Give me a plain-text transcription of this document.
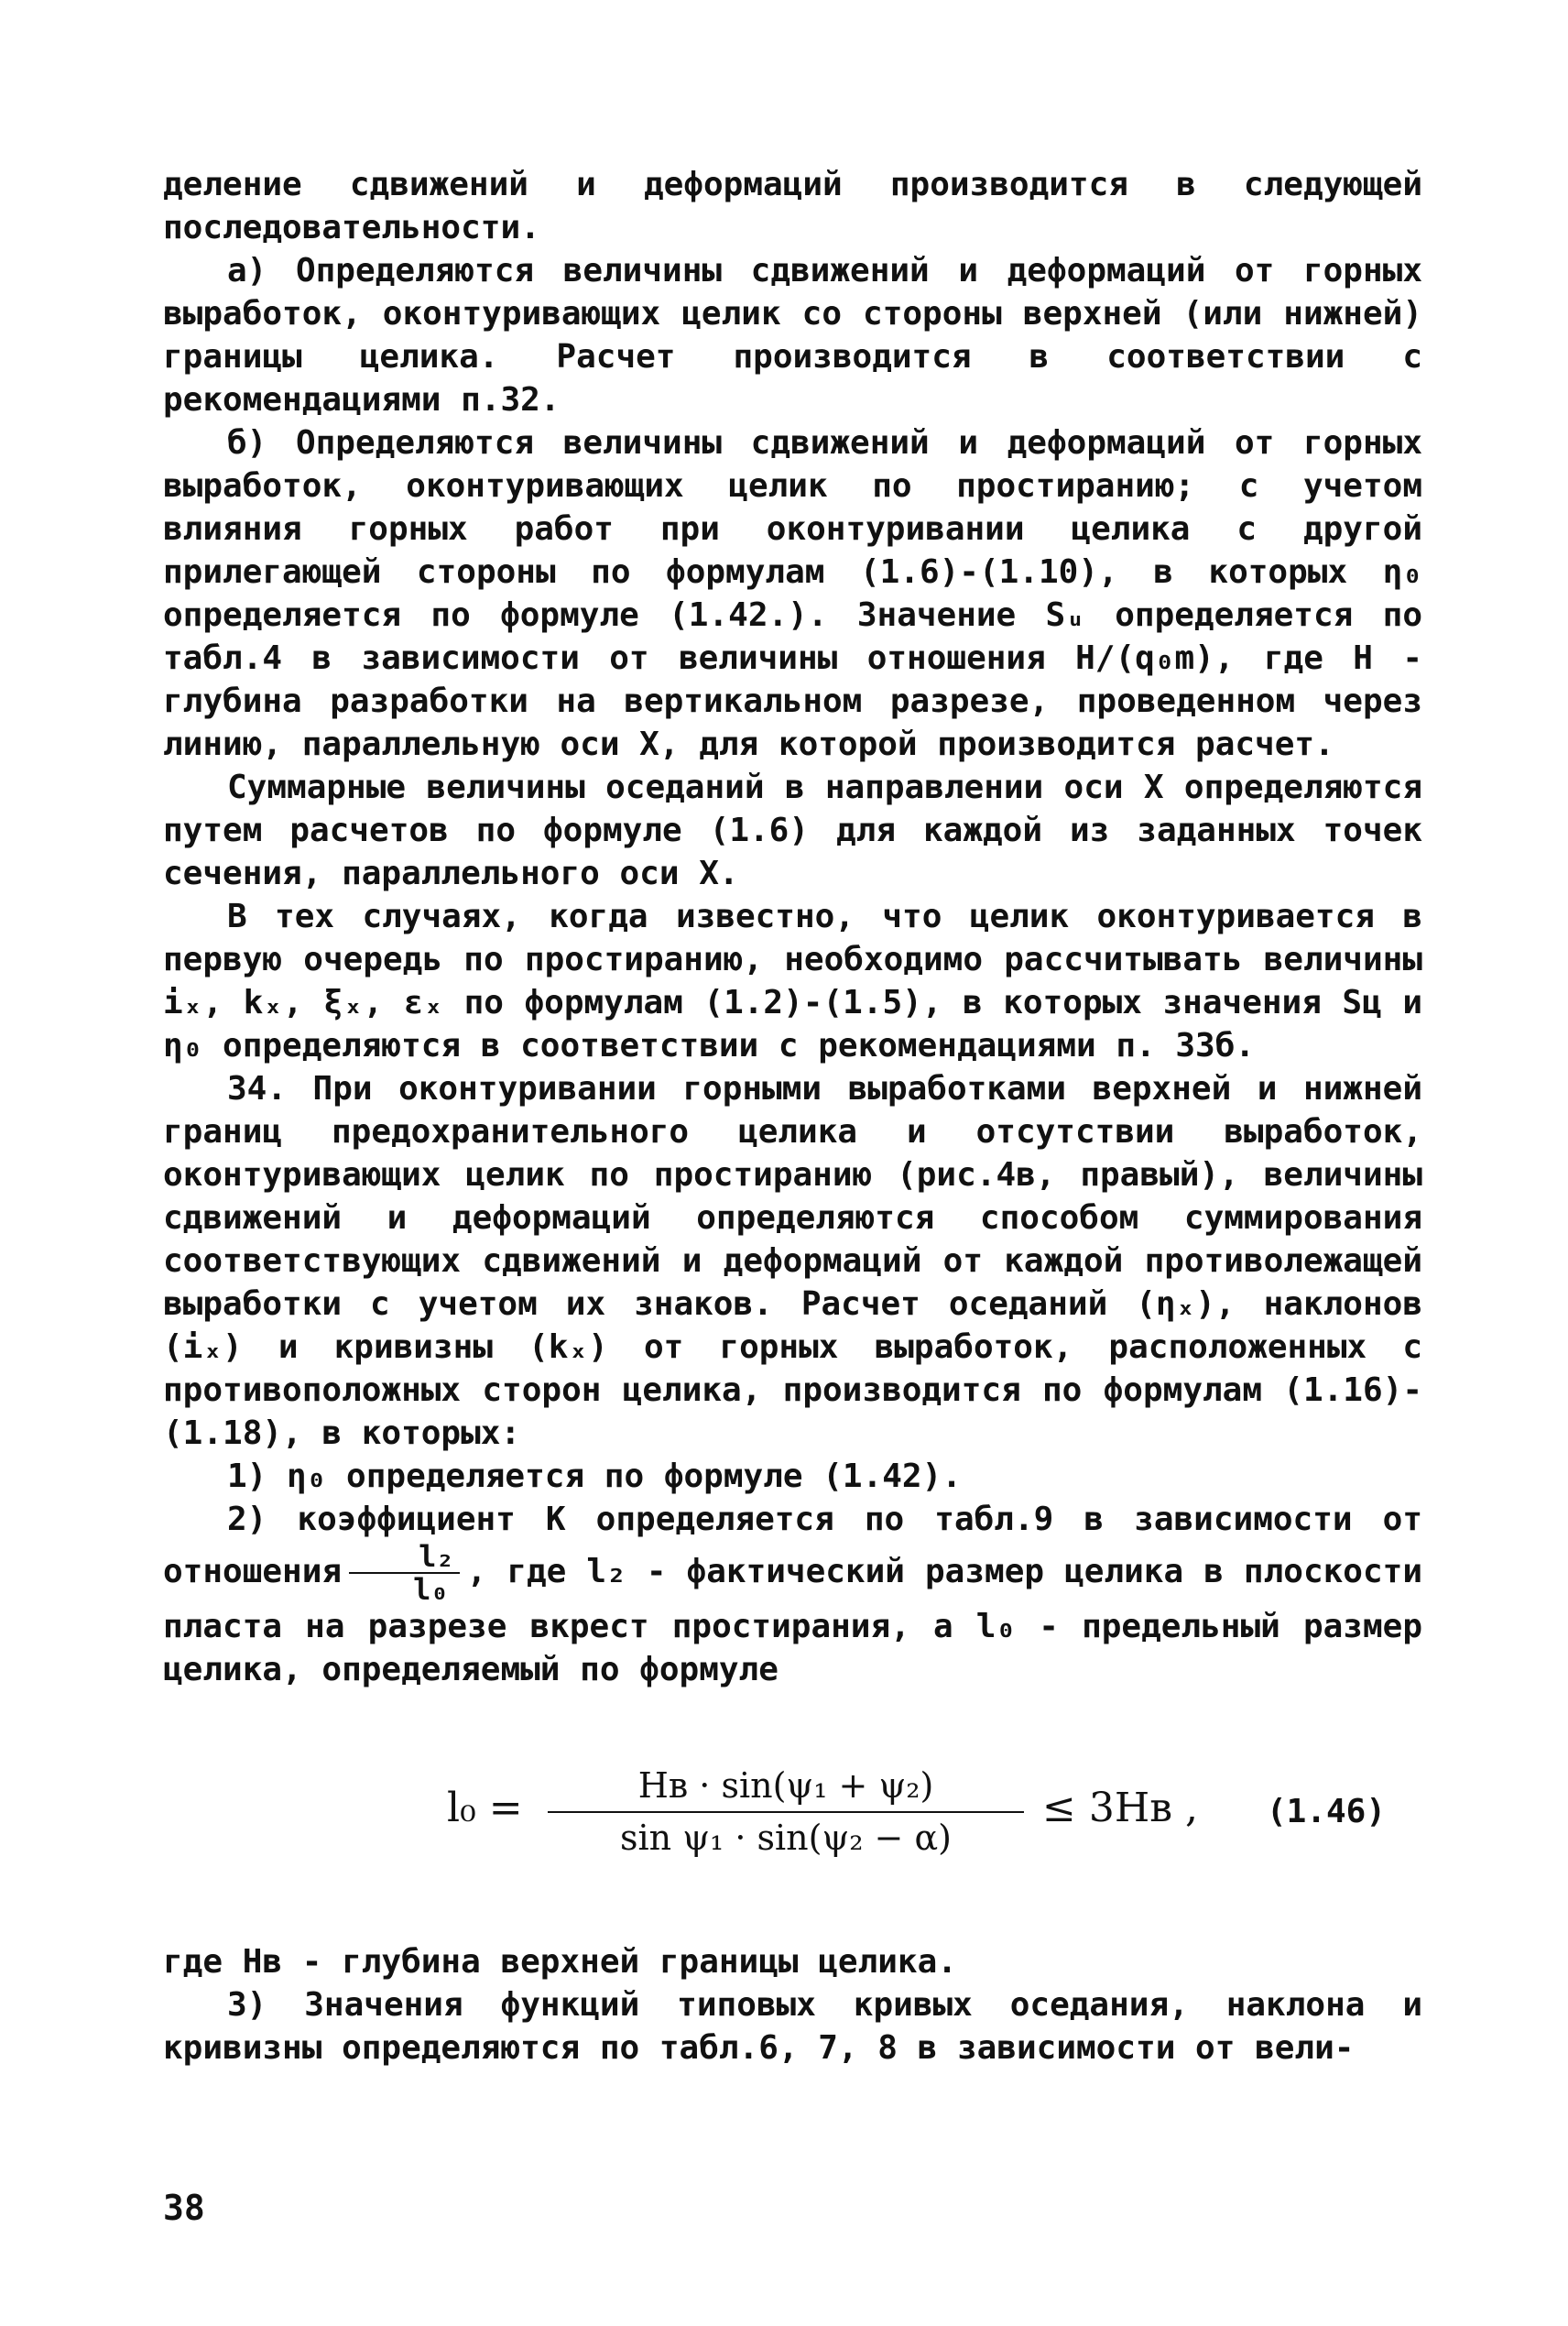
деление сдвижений и деформаций производится в следующей последовательности.

а) Определяются величины сдвижений и деформаций от горных выработок, оконтуривающих целик со стороны верхней (или нижней) границы целика. Расчет производится в соответствии с рекомендациями п.32.

б) Определяются величины сдвижений и деформаций от горных выработок, оконтуривающих целик по простиранию; с учетом влияния горных работ при оконтуривании целика с другой прилегающей стороны по формулам (1.6)-(1.10), в которых η₀ определяется по формуле (1.42.). Значение Sᵤ определяется по табл.4 в зависимости от величины отношения H/(q₀m), где H - глубина разработки на вертикальном разрезе, проведенном через линию, параллельную оси X, для которой производится расчет.

Суммарные величины оседаний в направлении оси X определяются путем расчетов по формуле (1.6) для каждой из заданных точек сечения, параллельного оси X.

В тех случаях, когда известно, что целик оконтуривается в первую очередь по простиранию, необходимо рассчитывать величины iₓ, kₓ, ξₓ, εₓ по формулам (1.2)-(1.5), в которых значения Sц и η₀ определяются в соответствии с рекомендациями п. 33б.

34. При оконтуривании горными выработками верхней и нижней границ предохранительного целика и отсутствии выработок, оконтуривающих целик по простиранию (рис.4в, правый), величины сдвижений и деформаций определяются способом суммирования соответствующих сдвижений и деформаций от каждой противолежащей выработки с учетом их знаков. Расчет оседаний (ηₓ), наклонов (iₓ) и кривизны (kₓ) от горных выработок, расположенных с противоположных сторон целика, производится по формулам (1.16)-(1.18), в которых:

1) η₀ определяется по формуле (1.42).

2) коэффициент K определяется по табл.9 в зависимости от отношения $\frac{\text{l₂}}{\text{l₀}}$ , где l₂ - фактический размер целика в плоскости пласта на разрезе вкрест простирания, а l₀ - предельный размер целика, определяемый по формуле

l₀ =	Hв · sin(ψ₁ + ψ₂)
sin ψ₁ · sin(ψ₂ − α)
≤ 3Hв , (1.46)

где Hв - глубина верхней границы целика.

3) Значения функций типовых кривых оседания, наклона и кривизны определяются по табл.6, 7, 8 в зависимости от вели-

38
